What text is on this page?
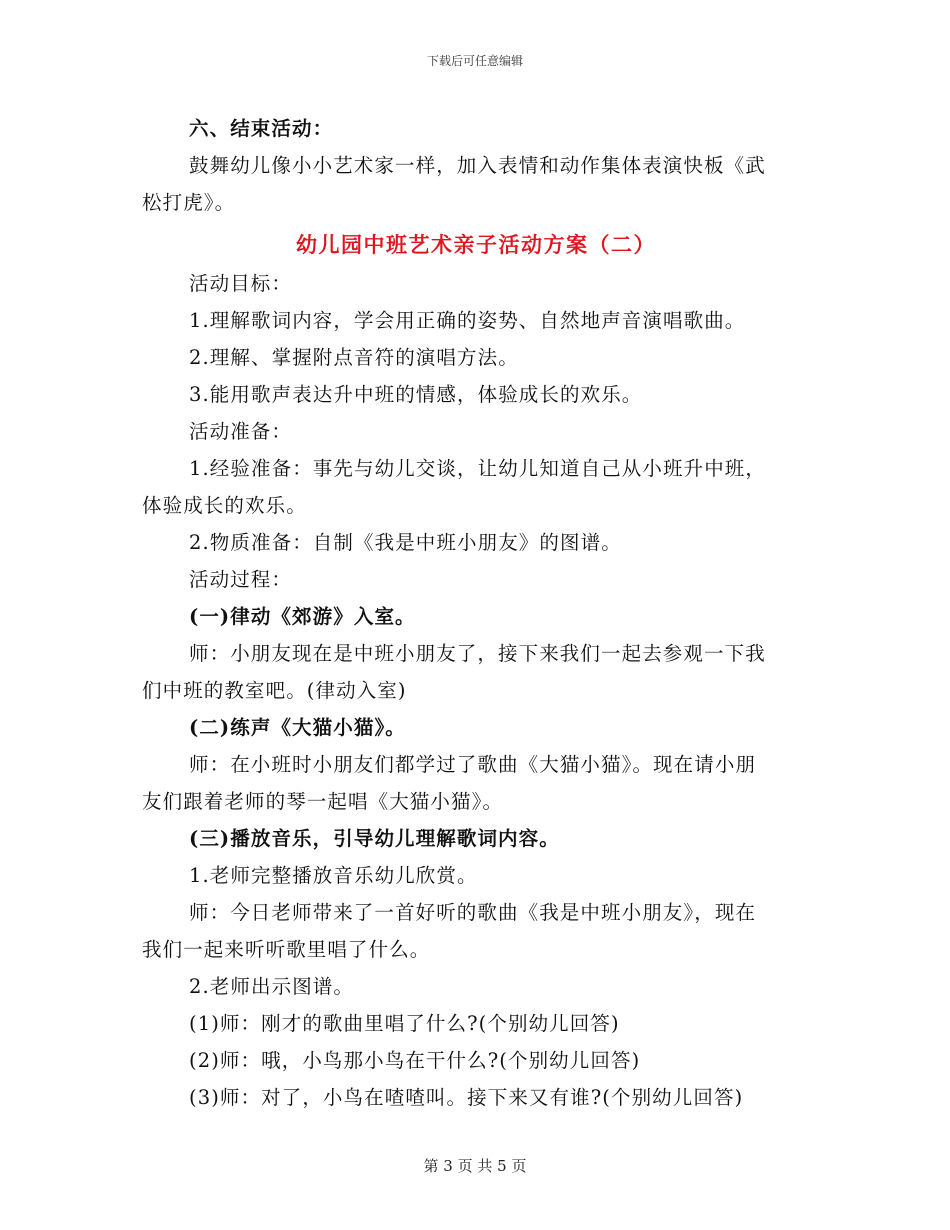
下载后可任意编辑
六、结束活动：
鼓舞幼儿像小小艺术家一样，加入表情和动作集体表演快板《武
松打虎》。
幼儿园中班艺术亲子活动方案（二）
活动目标：
1.理解歌词内容，学会用正确的姿势、自然地声音演唱歌曲。
2.理解、掌握附点音符的演唱方法。
3.能用歌声表达升中班的情感，体验成长的欢乐。
活动准备：
1.经验准备：事先与幼儿交谈，让幼儿知道自己从小班升中班，
体验成长的欢乐。
2.物质准备：自制《我是中班小朋友》的图谱。
活动过程：
(一)律动《郊游》入室。
师：小朋友现在是中班小朋友了，接下来我们一起去参观一下我
们中班的教室吧。(律动入室)
(二)练声《大猫小猫》。
师：在小班时小朋友们都学过了歌曲《大猫小猫》。现在请小朋
友们跟着老师的琴一起唱《大猫小猫》。
(三)播放音乐，引导幼儿理解歌词内容。
1.老师完整播放音乐幼儿欣赏。
师：今日老师带来了一首好听的歌曲《我是中班小朋友》，现在
我们一起来听听歌里唱了什么。
2.老师出示图谱。
(1)师：刚才的歌曲里唱了什么?(个别幼儿回答)
(2)师：哦，小鸟那小鸟在干什么?(个别幼儿回答)
(3)师：对了，小鸟在喳喳叫。接下来又有谁?(个别幼儿回答)
第 3 页 共 5 页
